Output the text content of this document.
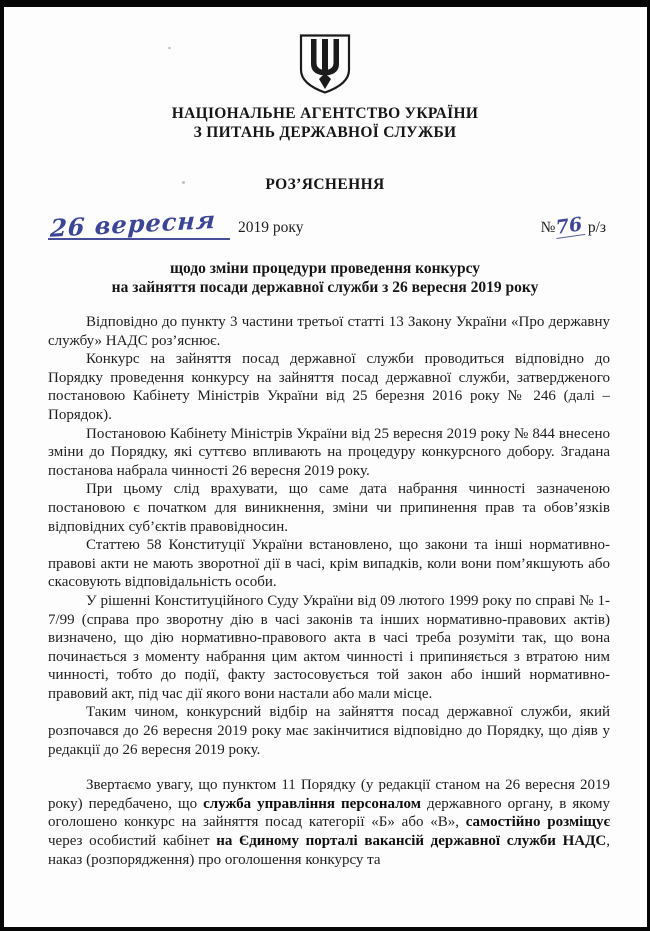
НАЦІОНАЛЬНЕ АГЕНТСТВО УКРАЇНИ
З ПИТАНЬ ДЕРЖАВНОЇ СЛУЖБИ
РОЗ’ЯСНЕННЯ
26 вересня	2019 року	№ 76 р/з
щодо зміни процедури проведення конкурсу
на зайняття посади державної служби з 26 вересня 2019 року

Відповідно до пункту 3 частини третьої статті 13 Закону України «Про державну службу» НАДС роз’яснює.

Конкурс на зайняття посад державної служби проводиться відповідно до Порядку проведення конкурсу на зайняття посад державної служби, затвердженого постановою Кабінету Міністрів України від 25 березня 2016 року № 246 (далі – Порядок).

Постановою Кабінету Міністрів України від 25 вересня 2019 року № 844 внесено зміни до Порядку, які суттєво впливають на процедуру конкурсного добору. Згадана постанова набрала чинності 26 вересня 2019 року.

При цьому слід врахувати, що саме дата набрання чинності зазначеною постановою є початком для виникнення, зміни чи припинення прав та обов’язків відповідних суб’єктів правовідносин.

Статтею 58 Конституції України встановлено, що закони та інші нормативно-правові акти не мають зворотної дії в часі, крім випадків, коли вони пом’якшують або скасовують відповідальність особи.

У рішенні Конституційного Суду України від 09 лютого 1999 року по справі № 1-7/99 (справа про зворотну дію в часі законів та інших нормативно-правових актів) визначено, що дію нормативно-правового акта в часі треба розуміти так, що вона починається з моменту набрання цим актом чинності і припиняється з втратою ним чинності, тобто до події, факту застосовується той закон або інший нормативно-правовий акт, під час дії якого вони настали або мали місце.

Таким чином, конкурсний відбір на зайняття посад державної служби, який розпочався до 26 вересня 2019 року має закінчитися відповідно до Порядку, що діяв у редакції до 26 вересня 2019 року.

Звертаємо увагу, що пунктом 11 Порядку (у редакції станом на 26 вересня 2019 року) передбачено, що служба управління персоналом державного органу, в якому оголошено конкурс на зайняття посад категорії «Б» або «В», самостійно розміщує через особистий кабінет на Єдиному порталі вакансій державної служби НАДС, наказ (розпорядження) про оголошення конкурсу та
